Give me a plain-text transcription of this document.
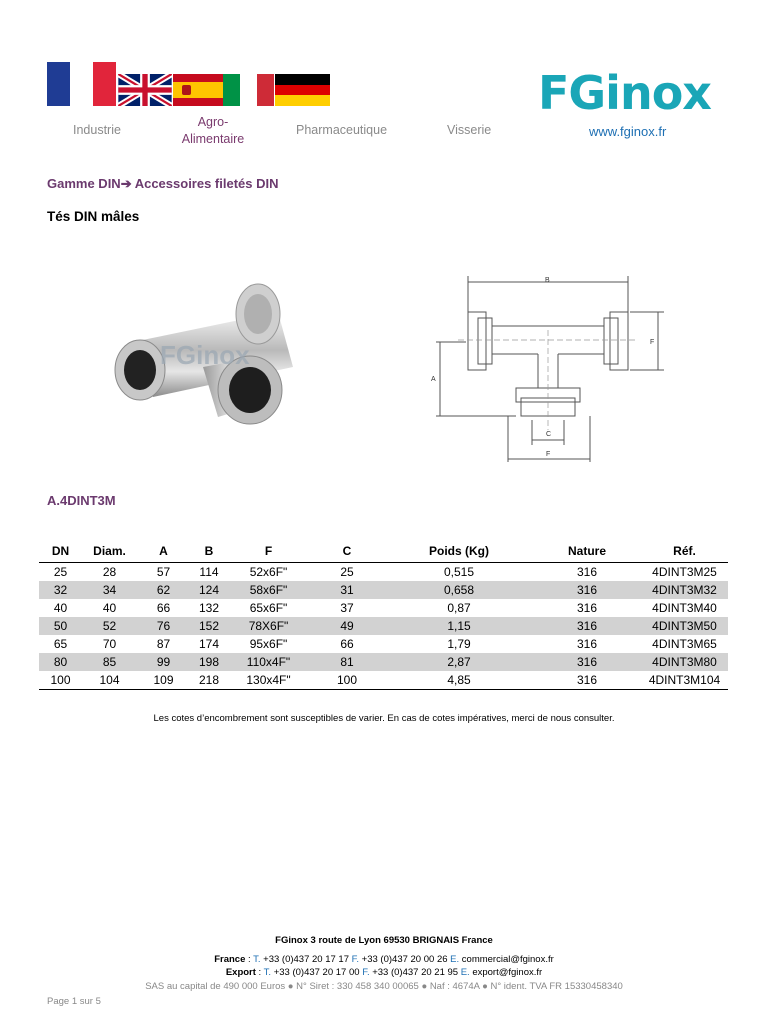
Industrie
Agro-Alimentaire
Pharmaceutique	Visserie
FGinox
www.fginox.fr
Gamme DIN➔ Accessoires filetés DIN
Tés DIN mâles
FGinox
B
A
F
C
F
A.4DINT3M
DN	Diam.	A	B	F	C	Poids (Kg)	Nature	Réf.
25	28	57	114	52x6F"	25	0,515	316	4DINT3M25
32	34	62	124	58x6F"	31	0,658	316	4DINT3M32
40	40	66	132	65x6F"	37	0,87	316	4DINT3M40
50	52	76	152	78X6F"	49	1,15	316	4DINT3M50
65	70	87	174	95x6F"	66	1,79	316	4DINT3M65
80	85	99	198	110x4F"	81	2,87	316	4DINT3M80
100	104	109	218	130x4F"	100	4,85	316	4DINT3M104
Les cotes d’encombrement sont susceptibles de varier. En cas de cotes impératives, merci de nous consulter.
FGinox 3 route de Lyon 69530 BRIGNAIS France
France : T. +33 (0)437 20 17 17 F. +33 (0)437 20 00 26 E. commercial@fginox.fr
Export : T. +33 (0)437 20 17 00 F. +33 (0)437 20 21 95 E. export@fginox.fr
SAS au capital de 490 000 Euros ● N° Siret : 330 458 340 00065 ● Naf : 4674A ● N° ident. TVA FR 15330458340
Page 1 sur 5
